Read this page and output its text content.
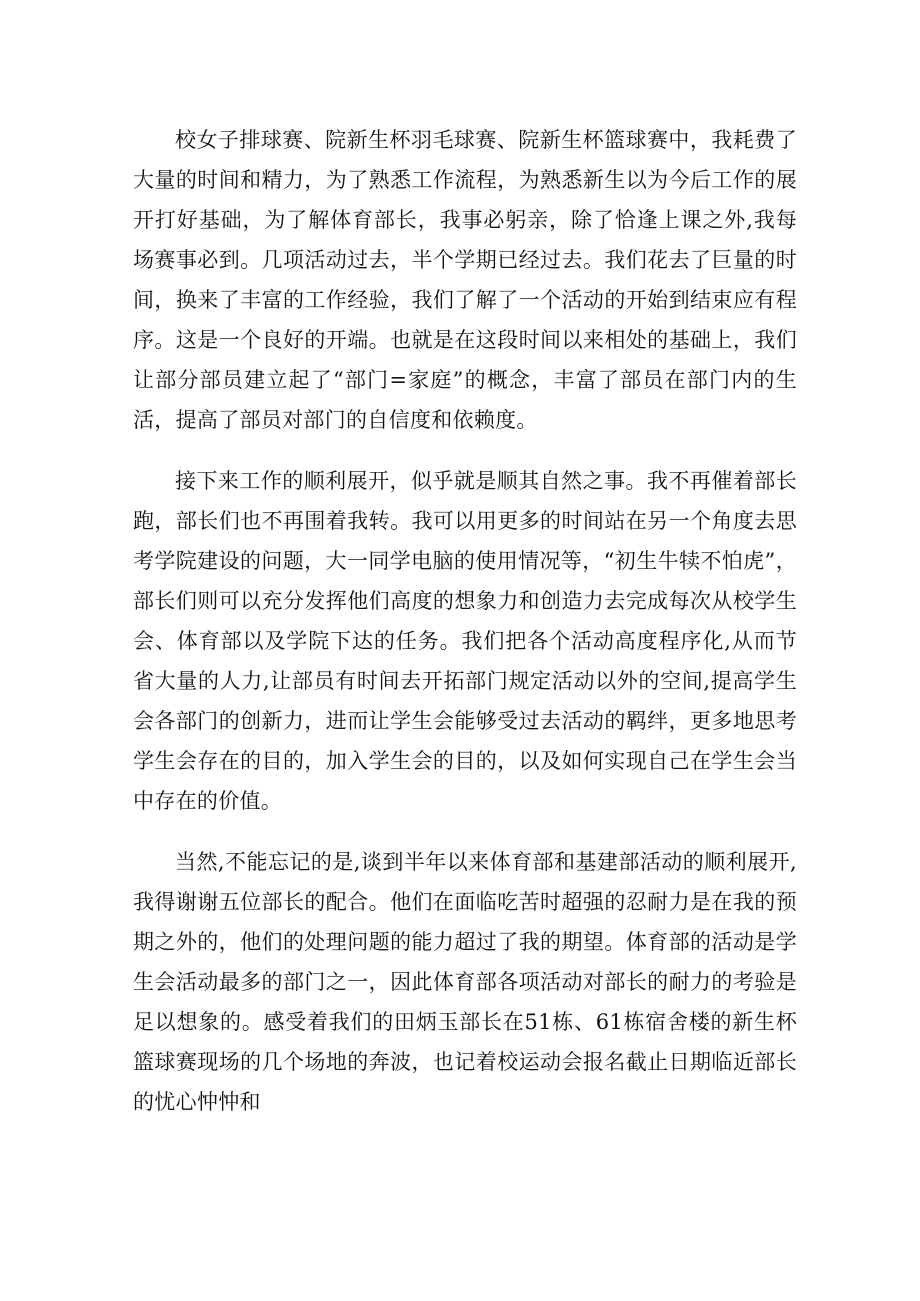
校女子排球赛、院新生杯羽毛球赛、院新生杯篮球赛中，我耗费了大量的时间和精力，为了熟悉工作流程，为熟悉新生以为今后工作的展开打好基础，为了解体育部长，我事必躬亲，除了恰逢上课之外,我每场赛事必到。几项活动过去，半个学期已经过去。我们花去了巨量的时间，换来了丰富的工作经验，我们了解了一个活动的开始到结束应有程序。这是一个良好的开端。也就是在这段时间以来相处的基础上，我们让部分部员建立起了“部门=家庭”的概念，丰富了部员在部门内的生活，提高了部员对部门的自信度和依赖度。

接下来工作的顺利展开，似乎就是顺其自然之事。我不再催着部长跑，部长们也不再围着我转。我可以用更多的时间站在另一个角度去思考学院建设的问题，大一同学电脑的使用情况等，“初生牛犊不怕虎”，部长们则可以充分发挥他们高度的想象力和创造力去完成每次从校学生会、体育部以及学院下达的任务。我们把各个活动高度程序化,从而节省大量的人力,让部员有时间去开拓部门规定活动以外的空间,提高学生会各部门的创新力，进而让学生会能够受过去活动的羁绊，更多地思考学生会存在的目的，加入学生会的目的，以及如何实现自己在学生会当中存在的价值。

当然,不能忘记的是,谈到半年以来体育部和基建部活动的顺利展开,我得谢谢五位部长的配合。他们在面临吃苦时超强的忍耐力是在我的预期之外的，他们的处理问题的能力超过了我的期望。体育部的活动是学生会活动最多的部门之一，因此体育部各项活动对部长的耐力的考验是足以想象的。感受着我们的田炳玉部长在51栋、61栋宿舍楼的新生杯篮球赛现场的几个场地的奔波，也记着校运动会报名截止日期临近部长的忧心忡忡和
